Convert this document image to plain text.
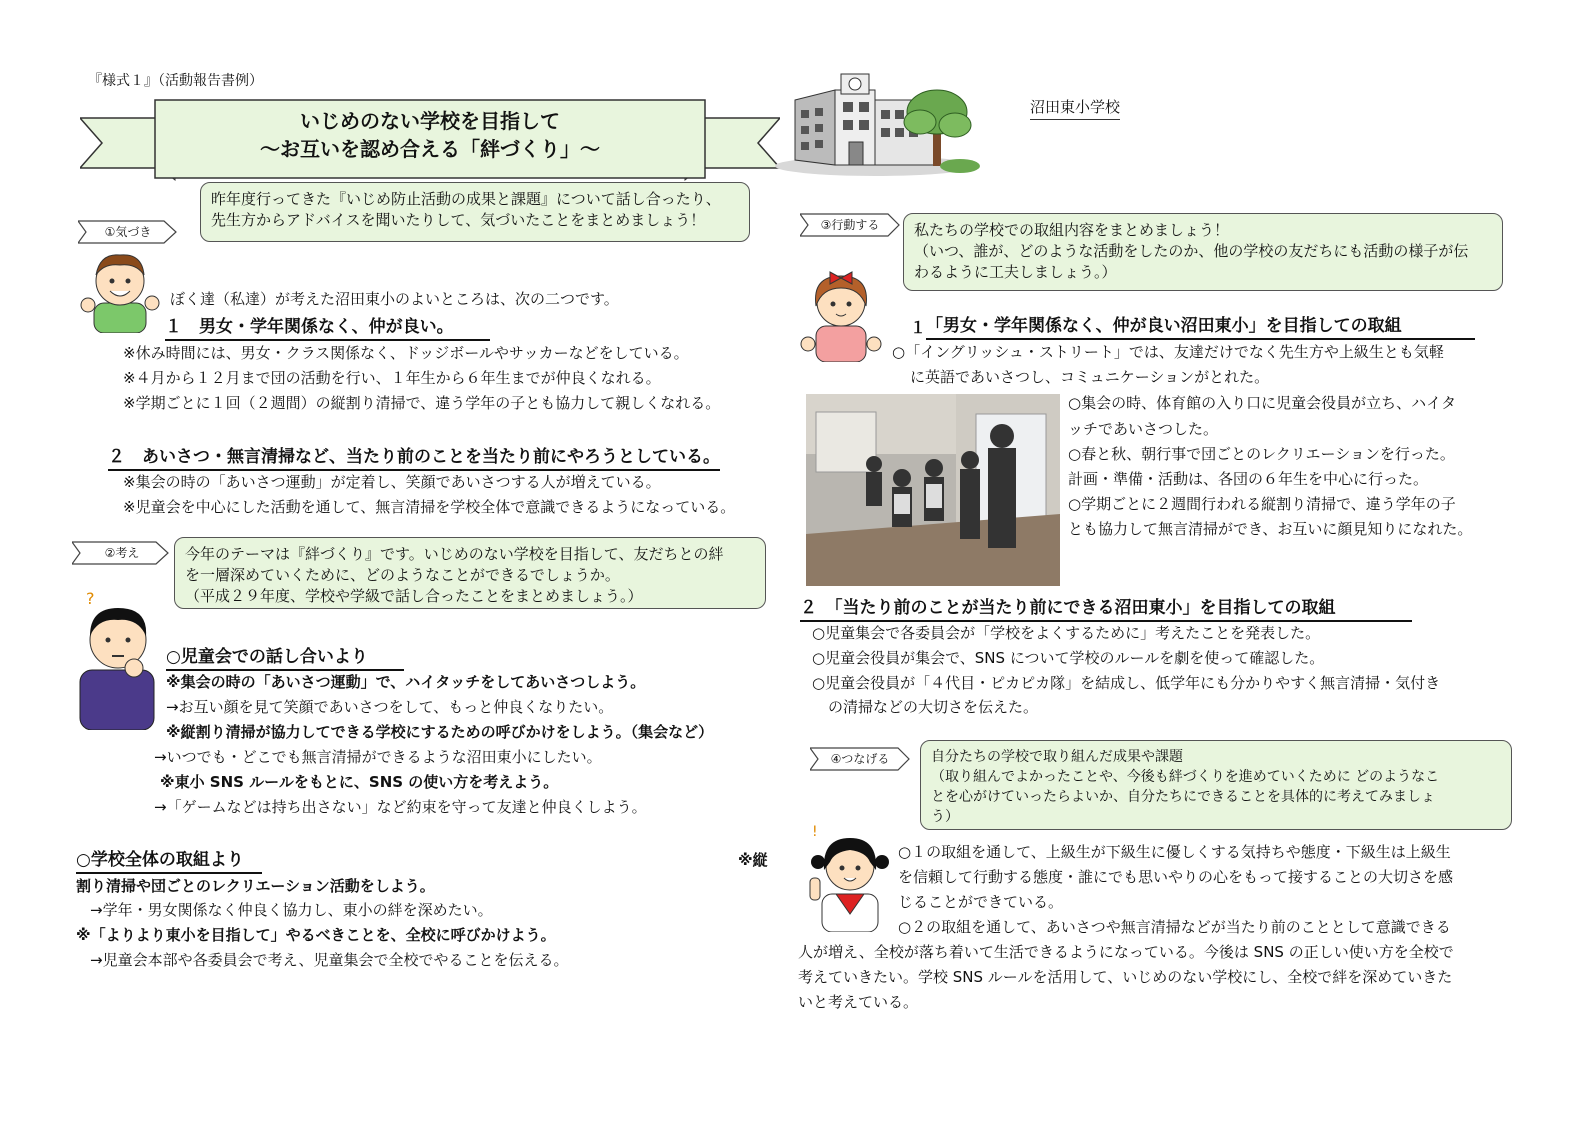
『様式１』（活動報告書例）
いじめのない学校を目指して
～お互いを認め合える「絆づくり」～
沼田東小学校
①気づき
昨年度行ってきた『いじめ防止活動の成果と課題』について話し合ったり、
先生方からアドバイスを聞いたりして、気づいたことをまとめましょう！
ぼく達（私達）が考えた沼田東小のよいところは、次の二つです。
１　男女・学年関係なく、仲が良い。
※休み時間には、男女・クラス関係なく、ドッジボールやサッカーなどをしている。
※４月から１２月まで団の活動を行い、１年生から６年生までが仲良くなれる。
※学期ごとに１回（２週間）の縦割り清掃で、違う学年の子とも協力して親しくなれる。
２　あいさつ・無言清掃など、当たり前のことを当たり前にやろうとしている。
※集会の時の「あいさつ運動」が定着し、笑顔であいさつする人が増えている。
※児童会を中心にした活動を通して、無言清掃を学校全体で意識できるようになっている。
②考え	今年のテーマは『絆づくり』です。いじめのない学校を目指して、友だちとの絆
を一層深めていくために、どのようなことができるでしょうか。
（平成２９年度、学校や学級で話し合ったことをまとめましょう。）
?
○児童会での話し合いより
※集会の時の「あいさつ運動」で、ハイタッチをしてあいさつしよう。
→お互い顔を見て笑顔であいさつをして、もっと仲良くなりたい。
※縦割り清掃が協力してできる学校にするための呼びかけをしよう。（集会など）
→いつでも・どこでも無言清掃ができるような沼田東小にしたい。
※東小 SNS ルールをもとに、SNS の使い方を考えよう。
→「ゲームなどは持ち出さない」など約束を守って友達と仲良くしよう。
○学校全体の取組より	※縦
割り清掃や団ごとのレクリエーション活動をしよう。
→学年・男女関係なく仲良く協力し、東小の絆を深めたい。
※「よりより東小を目指して」やるべきことを、全校に呼びかけよう。
→児童会本部や各委員会で考え、児童集会で全校でやることを伝える。
③行動する	私たちの学校での取組内容をまとめましょう！
（いつ、誰が、どのような活動をしたのか、他の学校の友だちにも活動の様子が伝
わるように工夫しましょう。）
１ 「男女・学年関係なく、仲が良い沼田東小」を目指しての取組
○「イングリッシュ・ストリート」では、友達だけでなく先生方や上級生とも気軽
に英語であいさつし、コミュニケーションがとれた。
○集会の時、体育館の入り口に児童会役員が立ち、ハイタ
ッチであいさつした。
○春と秋、朝行事で団ごとのレクリエーションを行った。
計画・準備・活動は、各団の６年生を中心に行った。
○学期ごとに２週間行われる縦割り清掃で、違う学年の子
とも協力して無言清掃ができ、お互いに顔見知りになれた。
２　「当たり前のことが当たり前にできる沼田東小」を目指しての取組
○児童集会で各委員会が「学校をよくするために」考えたことを発表した。
○児童会役員が集会で、SNS について学校のルールを劇を使って確認した。
○児童会役員が「４代目・ピカピカ隊」を結成し、低学年にも分かりやすく無言清掃・気付き
の清掃などの大切さを伝えた。
④つなげる	自分たちの学校で取り組んだ成果や課題
（取り組んでよかったことや、今後も絆づくりを進めていくために どのようなこ
とを心がけていったらよいか、自分たちにできることを具体的に考えてみましょ
う）
!
○１の取組を通して、上級生が下級生に優しくする気持ちや態度・下級生は上級生
を信頼して行動する態度・誰にでも思いやりの心をもって接することの大切さを感
じることができている。
○２の取組を通して、あいさつや無言清掃などが当たり前のこととして意識できる
人が増え、全校が落ち着いて生活できるようになっている。今後は SNS の正しい使い方を全校で
考えていきたい。学校 SNS ルールを活用して、いじめのない学校にし、全校で絆を深めていきた
いと考えている。
